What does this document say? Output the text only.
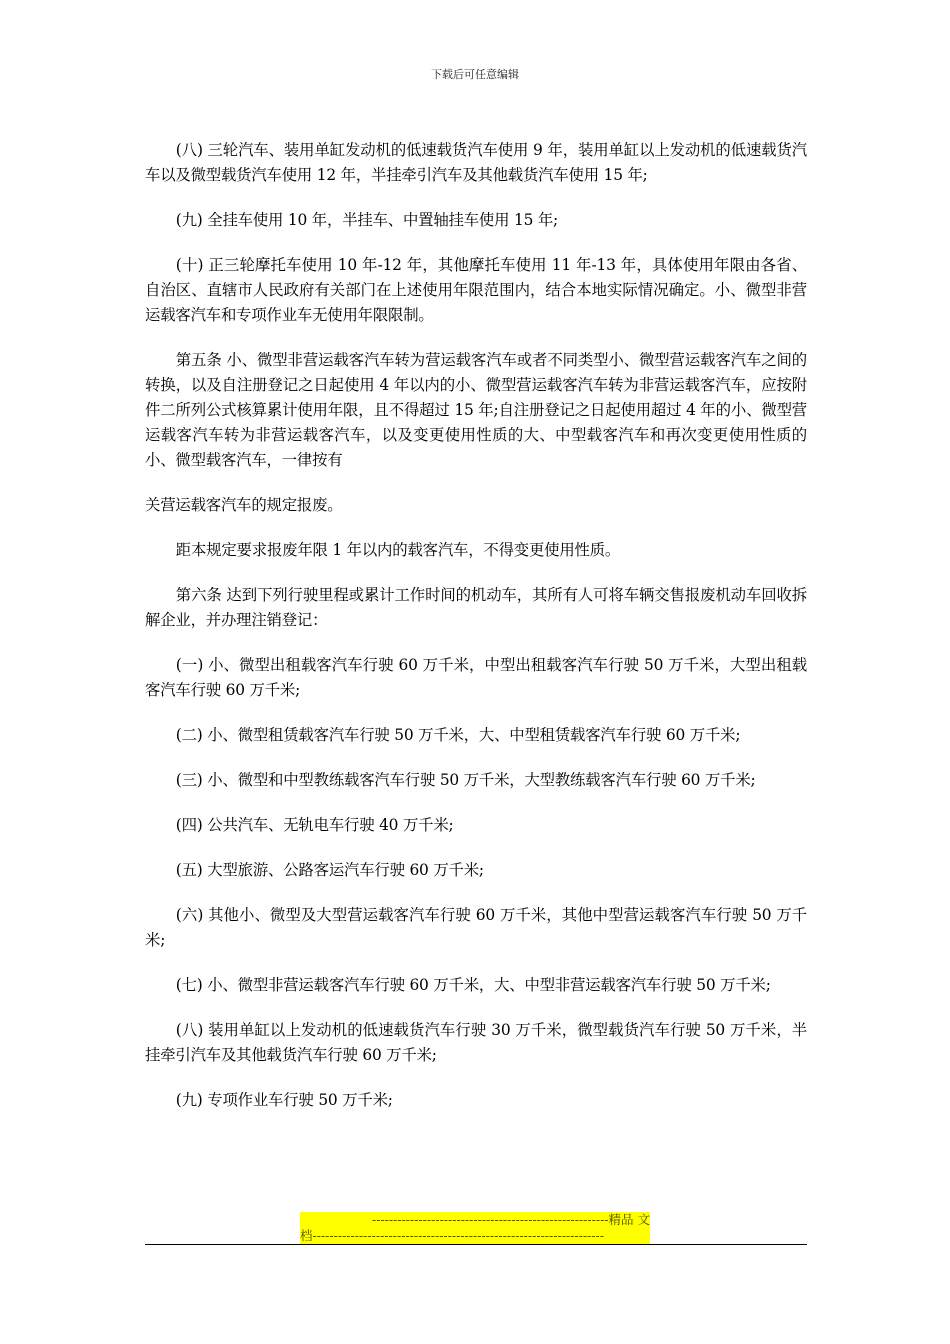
下载后可任意编辑

(八) 三轮汽车、装用单缸发动机的低速载货汽车使用 9 年，装用单缸以上发动机的低速载货汽车以及微型载货汽车使用 12 年，半挂牵引汽车及其他载货汽车使用 15 年;

(九) 全挂车使用 10 年，半挂车、中置轴挂车使用 15 年;

(十) 正三轮摩托车使用 10 年-12 年，其他摩托车使用 11 年-13 年，具体使用年限由各省、自治区、直辖市人民政府有关部门在上述使用年限范围内，结合本地实际情况确定。小、微型非营运载客汽车和专项作业车无使用年限限制。

第五条 小、微型非营运载客汽车转为营运载客汽车或者不同类型小、微型营运载客汽车之间的转换，以及自注册登记之日起使用 4 年以内的小、微型营运载客汽车转为非营运载客汽车，应按附件二所列公式核算累计使用年限，且不得超过 15 年;自注册登记之日起使用超过 4 年的小、微型营运载客汽车转为非营运载客汽车，以及变更使用性质的大、中型载客汽车和再次变更使用性质的小、微型载客汽车，一律按有

关营运载客汽车的规定报废。

距本规定要求报废年限 1 年以内的载客汽车，不得变更使用性质。

第六条 达到下列行驶里程或累计工作时间的机动车，其所有人可将车辆交售报废机动车回收拆解企业，并办理注销登记：

(一) 小、微型出租载客汽车行驶 60 万千米，中型出租载客汽车行驶 50 万千米，大型出租载客汽车行驶 60 万千米;

(二) 小、微型租赁载客汽车行驶 50 万千米，大、中型租赁载客汽车行驶 60 万千米;

(三) 小、微型和中型教练载客汽车行驶 50 万千米，大型教练载客汽车行驶 60 万千米;

(四) 公共汽车、无轨电车行驶 40 万千米;

(五) 大型旅游、公路客运汽车行驶 60 万千米;

(六) 其他小、微型及大型营运载客汽车行驶 60 万千米，其他中型营运载客汽车行驶 50 万千米;

(七) 小、微型非营运载客汽车行驶 60 万千米，大、中型非营运载客汽车行驶 50 万千米;

(八) 装用单缸以上发动机的低速载货汽车行驶 30 万千米，微型载货汽车行驶 50 万千米，半挂牵引汽车及其他载货汽车行驶 60 万千米;

(九) 专项作业车行驶 50 万千米;

--------------------------------------------------------精品 文
档---------------------------------------------------------------------
